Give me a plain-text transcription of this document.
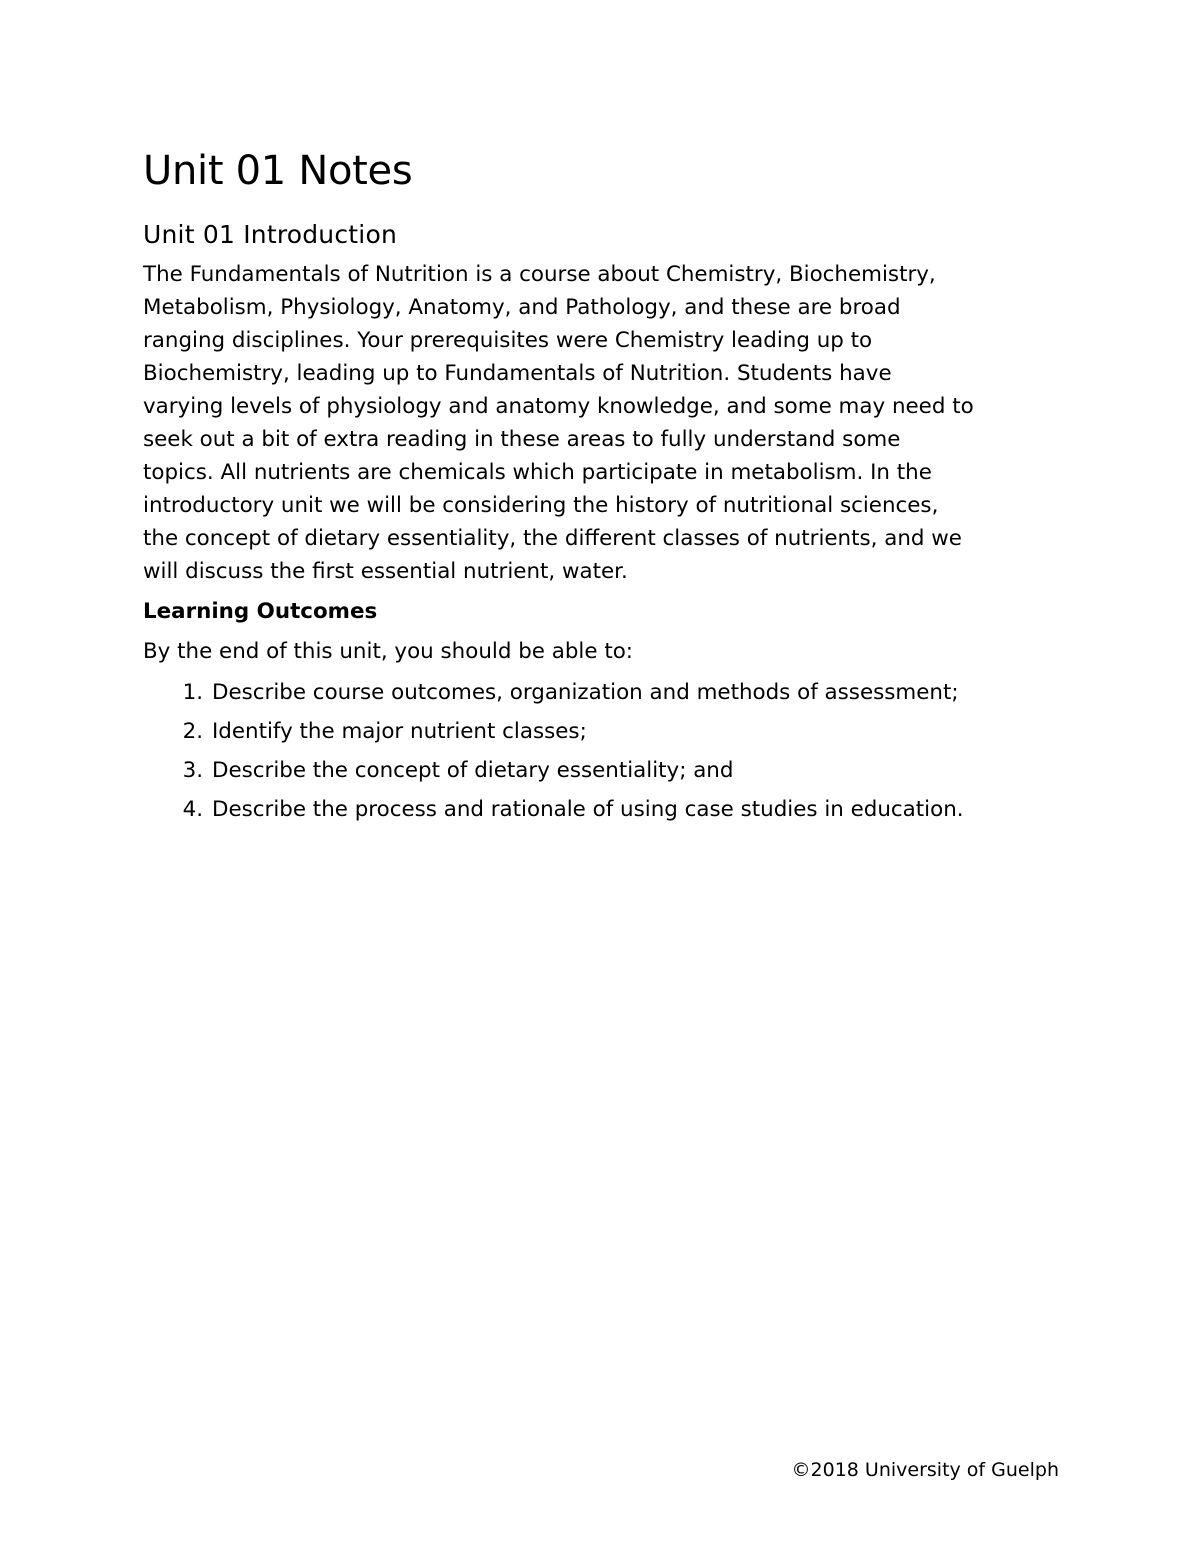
Unit 01 Notes
Unit 01 Introduction

The Fundamentals of Nutrition is a course about Chemistry, Biochemistry,
Metabolism, Physiology, Anatomy, and Pathology, and these are broad
ranging disciplines. Your prerequisites were Chemistry leading up to
Biochemistry, leading up to Fundamentals of Nutrition. Students have
varying levels of physiology and anatomy knowledge, and some may need to
seek out a bit of extra reading in these areas to fully understand some
topics. All nutrients are chemicals which participate in metabolism. In the
introductory unit we will be considering the history of nutritional sciences,
the concept of dietary essentiality, the different classes of nutrients, and we
will discuss the first essential nutrient, water.

Learning Outcomes
By the end of this unit, you should be able to:
1. Describe course outcomes, organization and methods of assessment;
2. Identify the major nutrient classes;
3. Describe the concept of dietary essentiality; and
4. Describe the process and rationale of using case studies in education.
©2018 University of Guelph
